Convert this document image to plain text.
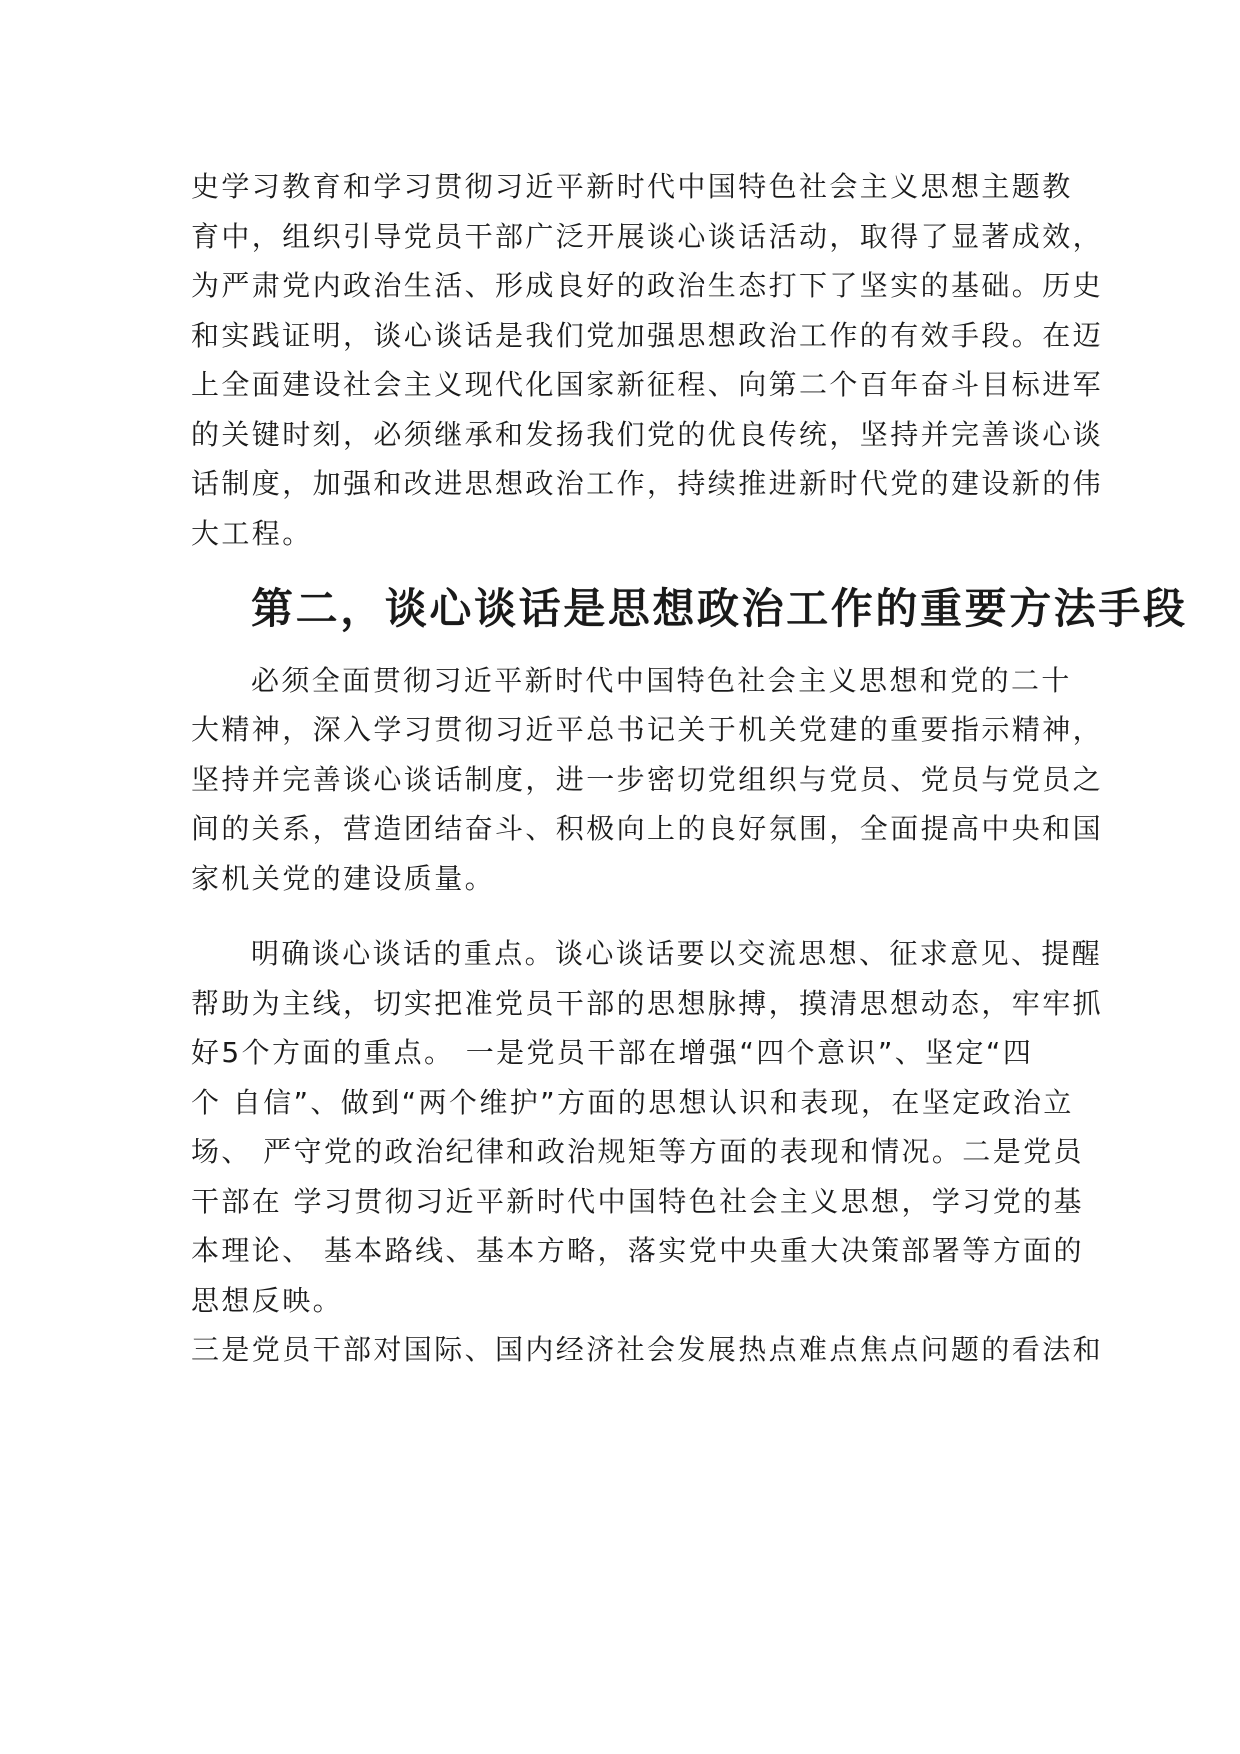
史学习教育和学习贯彻习近平新时代中国特色社会主义思想主题教
育中，组织引导党员干部广泛开展谈心谈话活动，取得了显著成效，
为严肃党内政治生活、形成良好的政治生态打下了坚实的基础。历史
和实践证明，谈心谈话是我们党加强思想政治工作的有效手段。在迈
上全面建设社会主义现代化国家新征程、向第二个百年奋斗目标进军
的关键时刻，必须继承和发扬我们党的优良传统，坚持并完善谈心谈
话制度，加强和改进思想政治工作，持续推进新时代党的建设新的伟
大工程。
第二，谈心谈话是思想政治工作的重要方法手段
必须全面贯彻习近平新时代中国特色社会主义思想和党的二十
大精神，深入学习贯彻习近平总书记关于机关党建的重要指示精神，
坚持并完善谈心谈话制度，进一步密切党组织与党员、党员与党员之
间的关系，营造团结奋斗、积极向上的良好氛围，全面提高中央和国
家机关党的建设质量。
明确谈心谈话的重点。谈心谈话要以交流思想、征求意见、提醒
帮助为主线，切实把准党员干部的思想脉搏，摸清思想动态，牢牢抓
好5个方面的重点。 一是党员干部在增强“四个意识”、坚定“四
个 自信”、做到“两个维护”方面的思想认识和表现，在坚定政治立
场、 严守党的政治纪律和政治规矩等方面的表现和情况。二是党员
干部在 学习贯彻习近平新时代中国特色社会主义思想，学习党的基
本理论、 基本路线、基本方略，落实党中央重大决策部署等方面的
思想反映。
三是党员干部对国际、国内经济社会发展热点难点焦点问题的看法和
